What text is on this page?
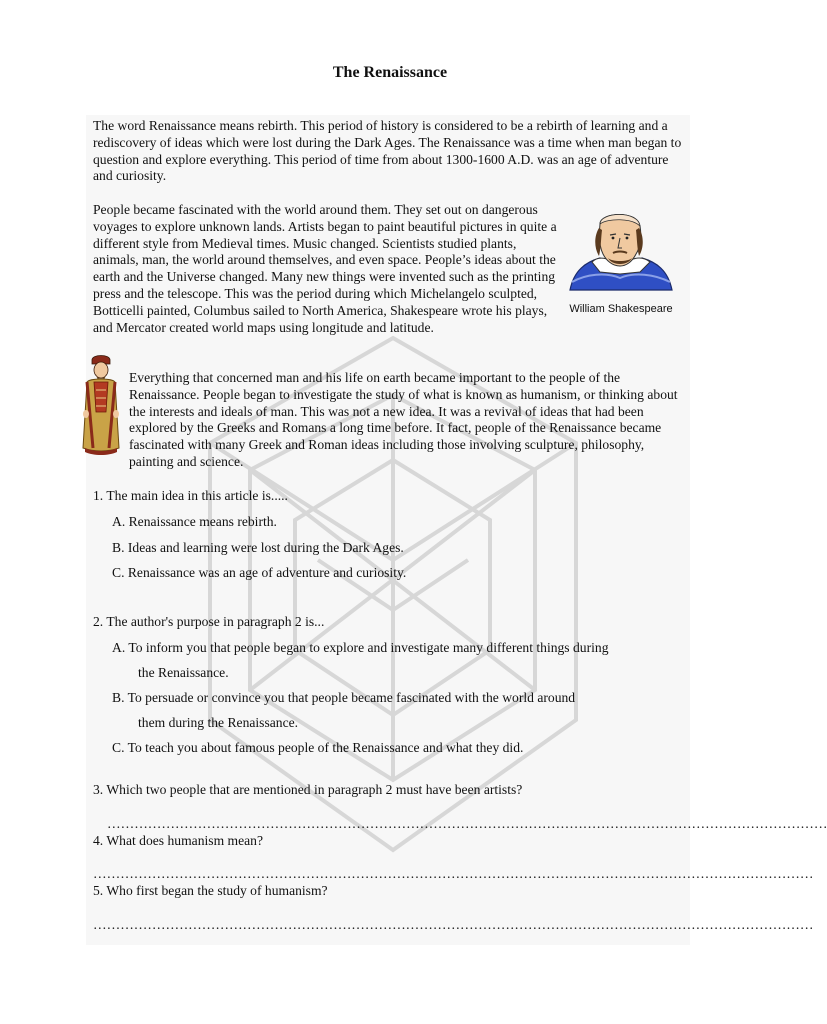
The Renaissance

The word Renaissance means rebirth. This period of history is considered to be a rebirth of learning and a rediscovery of ideas which were lost during the Dark Ages. The Renaissance was a time when man began to question and explore everything. This period of time from about 1300-1600 A.D. was an age of adventure and curiosity.

People became fascinated with the world around them. They set out on dangerous voyages to explore unknown lands. Artists began to paint beautiful pictures in quite a different style from Medieval times. Music changed. Scientists studied plants, animals, man, the world around themselves, and even space. People’s ideas about the earth and the Universe changed. Many new things were invented such as the printing press and the telescope. This was the period during which Michelangelo sculpted, Botticelli painted, Columbus sailed to North America, Shakespeare wrote his plays, and Mercator created world maps using longitude and latitude.

Everything that concerned man and his life on earth became important to the people of the Renaissance. People began to investigate the study of what is known as humanism, or thinking about the interests and ideals of man. This was not a new idea. It was a revival of ideas that had been explored by the Greeks and Romans a long time before. It fact, people of the Renaissance became fascinated with many Greek and Roman ideas including those involving sculpture, philosophy, painting and science.

William Shakespeare
1. The main idea in this article is.....
A. Renaissance means rebirth.
B. Ideas and learning were lost during the Dark Ages.
C. Renaissance was an age of adventure and curiosity.
2. The author's purpose in paragraph 2 is...
A. To inform you that people began to explore and investigate many different things during
the Renaissance.
B. To persuade or convince you that people became fascinated with the world around
them during the Renaissance.
C. To teach you about famous people of the Renaissance and what they did.
3. Which two people that are mentioned in paragraph 2 must have been artists?
……………………………………………………………………………………………………………………………………………
4. What does humanism mean?
……………………………………………………………………………………………………………………………………………
5. Who first began the study of humanism?
……………………………………………………………………………………………………………………………………………
